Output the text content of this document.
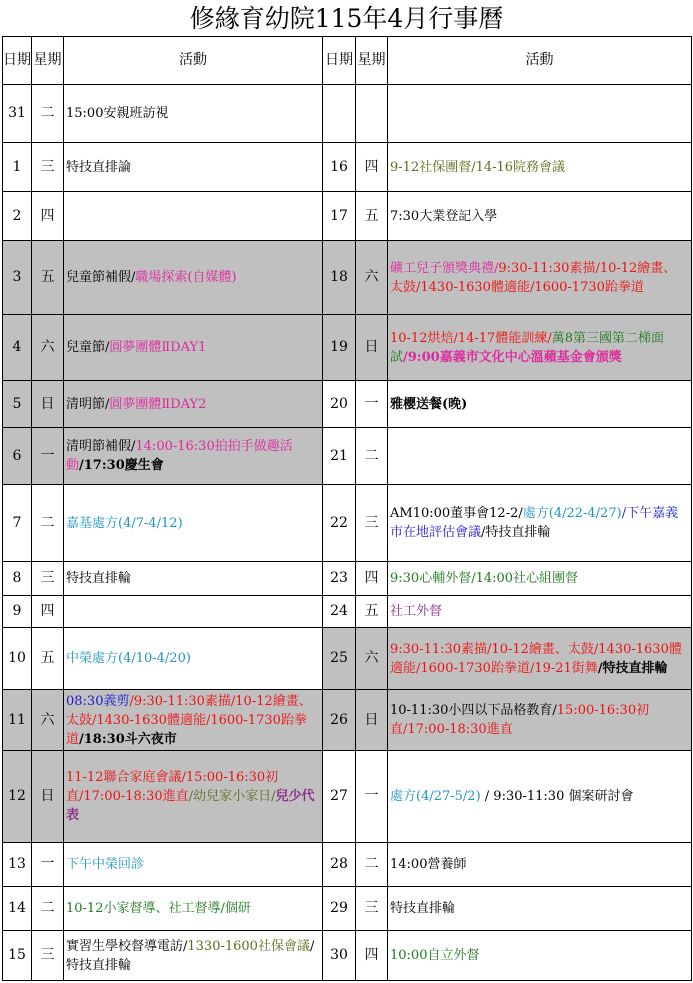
修緣育幼院115年4月行事曆
日期	星期	活動	日期	星期	活動
31	二	15:00安親班訪視			
1	三	特技直排論	16	四	9-12社保團督/14-16院務會議
2	四		17	五	7:30大業登記入學
3	五	兒童節補假/職場探索(自媒體)	18	六	礦工兒子頒獎典禮/9:30-11:30素描/10-12繪畫、太鼓/1430-1630體適能/1600-1730跆拳道
4	六	兒童節/圓夢團體ⅡDAY1	19	日	10-12烘焙/14-17體能訓練/萬8第三國第二梯面試/9:00嘉義市文化中心溫蘋基金會頒獎
5	日	清明節/圓夢團體ⅡDAY2	20	一	雅櫻送餐(晚)
6	一	清明節補假/14:00-16:30拍拍手做趣活動/17:30慶生會	21	二	
7	二	嘉基處方(4/7-4/12)	22	三	AM10:00董事會12-2/處方(4/22-4/27)/下午嘉義市在地評估會議/特技直排輪
8	三	特技直排輪	23	四	9:30心輔外督/14:00社心組團督
9	四		24	五	社工外督
10	五	中榮處方(4/10-4/20)	25	六	9:30-11:30素描/10-12繪畫、太鼓/1430-1630體適能/1600-1730跆拳道/19-21街舞/特技直排輪
11	六	08:30義剪/9:30-11:30素描/10-12繪畫、太鼓/1430-1630體適能/1600-1730跆拳道/18:30斗六夜市	26	日	10-11:30小四以下品格教育/15:00-16:30初直/17:00-18:30進直
12	日	11-12聯合家庭會議/15:00-16:30初直/17:00-18:30進直/幼兒家小家日/兒少代表	27	一	處方(4/27-5/2) / 9:30-11:30 個案研討會
13	一	下午中榮回診	28	二	14:00營養師
14	二	10-12小家督導、社工督導/個研	29	三	特技直排輪
15	三	實習生學校督導電訪/1330-1600社保會議/特技直排輪	30	四	10:00自立外督
